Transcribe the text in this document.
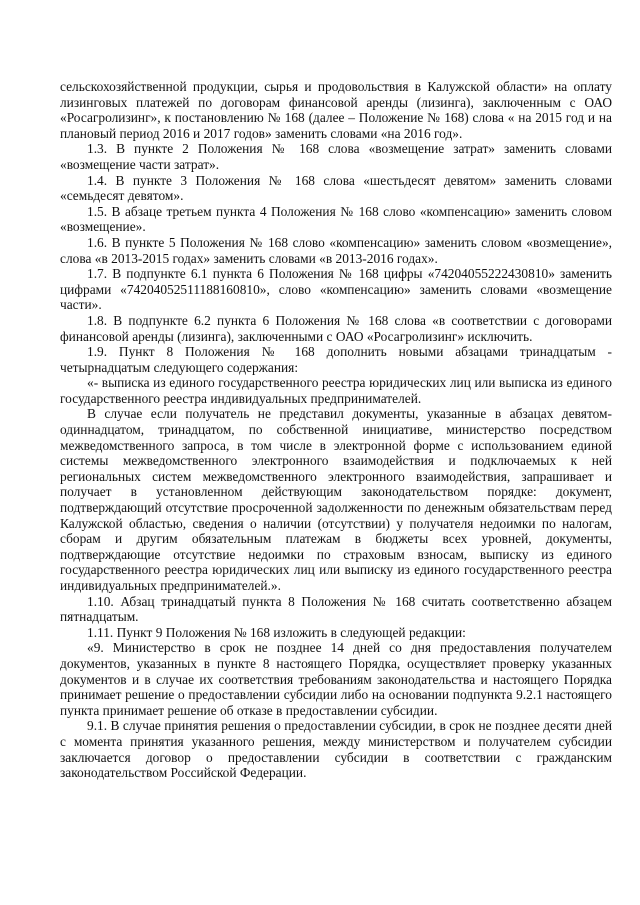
сельскохозяйственной продукции, сырья и продовольствия в Калужской области» на оплату лизинговых платежей по договорам финансовой аренды (лизинга), заключенным с ОАО «Росагролизинг», к постановлению № 168 (далее – Положение № 168) слова « на 2015 год и на плановый период 2016 и 2017 годов» заменить словами «на 2016 год».

1.3. В пункте 2 Положения № 168 слова «возмещение затрат» заменить словами «возмещение части затрат».

1.4. В пункте 3 Положения № 168 слова «шестьдесят девятом» заменить словами «семьдесят девятом».

1.5. В абзаце третьем пункта 4 Положения № 168 слово «компенсацию» заменить словом «возмещение».

1.6. В пункте 5 Положения № 168 слово «компенсацию» заменить словом «возмещение», слова «в 2013-2015 годах» заменить словами «в 2013-2016 годах».

1.7. В подпункте 6.1 пункта 6 Положения № 168 цифры «74204055222430810» заменить цифрами «74204052511188160810», слово «компенсацию» заменить словами «возмещение части».

1.8. В подпункте 6.2 пункта 6 Положения № 168 слова «в соответствии с договорами финансовой аренды (лизинга), заключенными с ОАО «Росагролизинг» исключить.

1.9. Пункт 8 Положения № 168 дополнить новыми абзацами тринадцатым - четырнадцатым следующего содержания:

«- выписка из единого государственного реестра юридических лиц или выписка из единого государственного реестра индивидуальных предпринимателей.

В случае если получатель не представил документы, указанные в абзацах девятом-одиннадцатом, тринадцатом, по собственной инициативе, министерство посредством межведомственного запроса, в том числе в электронной форме с использованием единой системы межведомственного электронного взаимодействия и подключаемых к ней региональных систем межведомственного электронного взаимодействия, запрашивает и получает в установленном действующим законодательством порядке: документ, подтверждающий отсутствие просроченной задолженности по денежным обязательствам перед Калужской областью, сведения о наличии (отсутствии) у получателя недоимки по налогам, сборам и другим обязательным платежам в бюджеты всех уровней, документы, подтверждающие отсутствие недоимки по страховым взносам, выписку из единого государственного реестра юридических лиц или выписку из единого государственного реестра индивидуальных предпринимателей.».

1.10. Абзац тринадцатый пункта 8 Положения № 168 считать соответственно абзацем пятнадцатым.

1.11. Пункт 9 Положения № 168 изложить в следующей редакции:

«9. Министерство в срок не позднее 14 дней со дня предоставления получателем документов, указанных в пункте 8 настоящего Порядка, осуществляет проверку указанных документов и в случае их соответствия требованиям законодательства и настоящего Порядка принимает решение о предоставлении субсидии либо на основании подпункта 9.2.1 настоящего пункта принимает решение об отказе в предоставлении субсидии.

9.1. В случае принятия решения о предоставлении субсидии, в срок не позднее десяти дней с момента принятия указанного решения, между министерством и получателем субсидии заключается договор о предоставлении субсидии в соответствии с гражданским законодательством Российской Федерации.
